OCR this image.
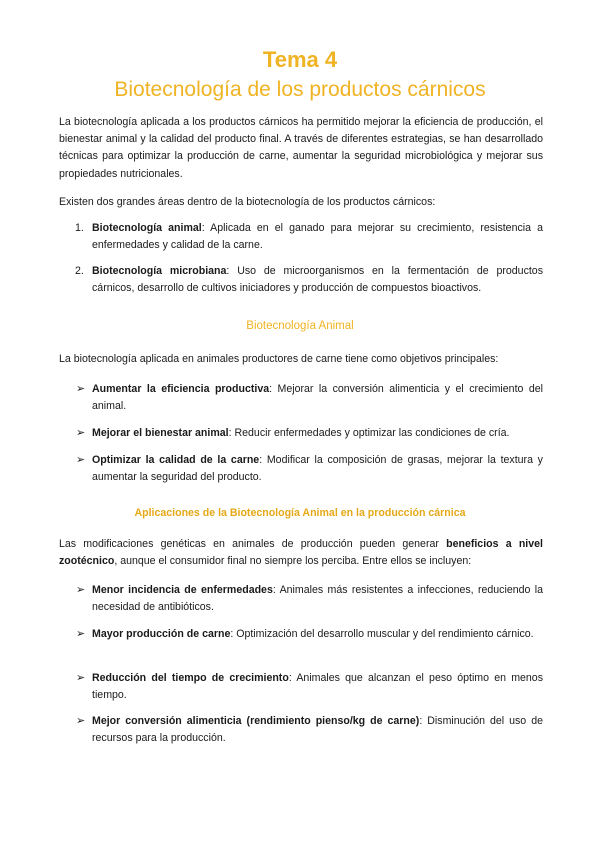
Tema 4
Biotecnología de los productos cárnicos

La biotecnología aplicada a los productos cárnicos ha permitido mejorar la eficiencia de producción, el bienestar animal y la calidad del producto final. A través de diferentes estrategias, se han desarrollado técnicas para optimizar la producción de carne, aumentar la seguridad microbiológica y mejorar sus propiedades nutricionales.

Existen dos grandes áreas dentro de la biotecnología de los productos cárnicos:

1. Biotecnología animal: Aplicada en el ganado para mejorar su crecimiento, resistencia a enfermedades y calidad de la carne.

2. Biotecnología microbiana: Uso de microorganismos en la fermentación de productos cárnicos, desarrollo de cultivos iniciadores y producción de compuestos bioactivos.

Biotecnología Animal

La biotecnología aplicada en animales productores de carne tiene como objetivos principales:

➢ Aumentar la eficiencia productiva: Mejorar la conversión alimenticia y el crecimiento del animal.

➢ Mejorar el bienestar animal: Reducir enfermedades y optimizar las condiciones de cría.

➢ Optimizar la calidad de la carne: Modificar la composición de grasas, mejorar la textura y aumentar la seguridad del producto.

Aplicaciones de la Biotecnología Animal en la producción cárnica

Las modificaciones genéticas en animales de producción pueden generar beneficios a nivel zootécnico, aunque el consumidor final no siempre los perciba. Entre ellos se incluyen:

➢ Menor incidencia de enfermedades: Animales más resistentes a infecciones, reduciendo la necesidad de antibióticos.

➢ Mayor producción de carne: Optimización del desarrollo muscular y del rendimiento cárnico.

➢ Reducción del tiempo de crecimiento: Animales que alcanzan el peso óptimo en menos tiempo.

➢ Mejor conversión alimenticia (rendimiento pienso/kg de carne): Disminución del uso de recursos para la producción.
